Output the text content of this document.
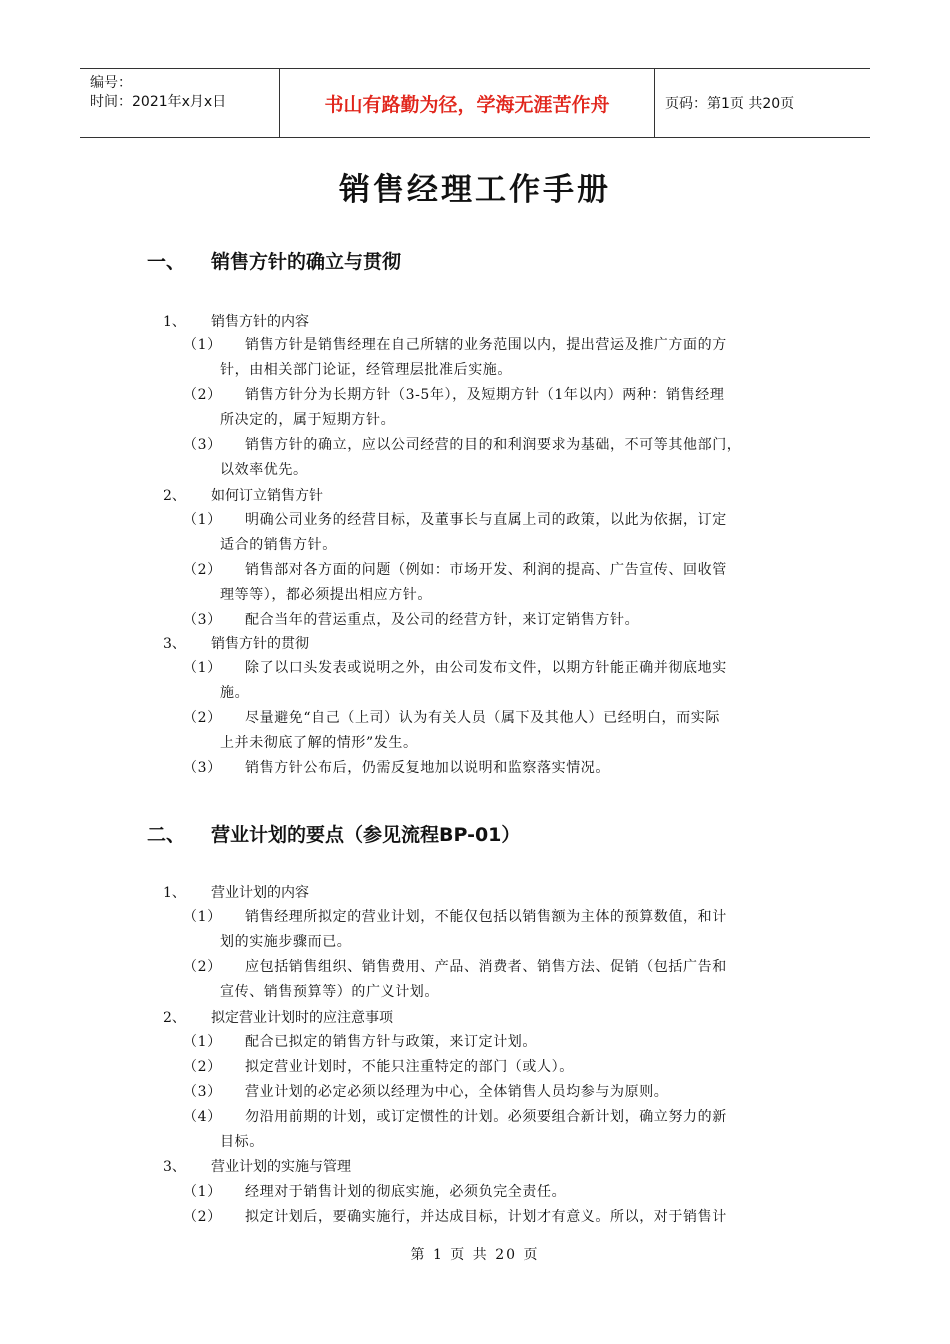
编号：
时间：2021年x月x日	书山有路勤为径，学海无涯苦作舟	页码：第1页 共20页
销售经理工作手册
一、 销售方针的确立与贯彻
1、 销售方针的内容
（1） 销售方针是销售经理在自己所辖的业务范围以内，提出营运及推广方面的方
针，由相关部门论证，经管理层批准后实施。
（2） 销售方针分为长期方针（3-5年），及短期方针（1年以内）两种：销售经理
所决定的，属于短期方针。
（3） 销售方针的确立，应以公司经营的目的和利润要求为基础，不可等其他部门，
以效率优先。
2、 如何订立销售方针
（1） 明确公司业务的经营目标，及董事长与直属上司的政策，以此为依据，订定
适合的销售方针。
（2） 销售部对各方面的问题（例如：市场开发、利润的提高、广告宣传、回收管
理等等），都必须提出相应方针。
（3） 配合当年的营运重点，及公司的经营方针，来订定销售方针。
3、 销售方针的贯彻
（1） 除了以口头发表或说明之外，由公司发布文件，以期方针能正确并彻底地实
施。
（2） 尽量避免“自己（上司）认为有关人员（属下及其他人）已经明白，而实际
上并未彻底了解的情形”发生。
（3） 销售方针公布后，仍需反复地加以说明和监察落实情况。
二、 营业计划的要点（参见流程BP-01）
1、 营业计划的内容
（1） 销售经理所拟定的营业计划，不能仅包括以销售额为主体的预算数值，和计
划的实施步骤而已。
（2） 应包括销售组织、销售费用、产品、消费者、销售方法、促销（包括广告和
宣传、销售预算等）的广义计划。
2、 拟定营业计划时的应注意事项
（1） 配合已拟定的销售方针与政策，来订定计划。
（2） 拟定营业计划时，不能只注重特定的部门（或人）。
（3） 营业计划的必定必须以经理为中心，全体销售人员均参与为原则。
（4） 勿沿用前期的计划，或订定惯性的计划。必须要组合新计划，确立努力的新
目标。
3、 营业计划的实施与管理
（1） 经理对于销售计划的彻底实施，必须负完全责任。
（2） 拟定计划后，要确实施行，并达成目标，计划才有意义。所以，对于销售计
第 1 页 共 20 页
